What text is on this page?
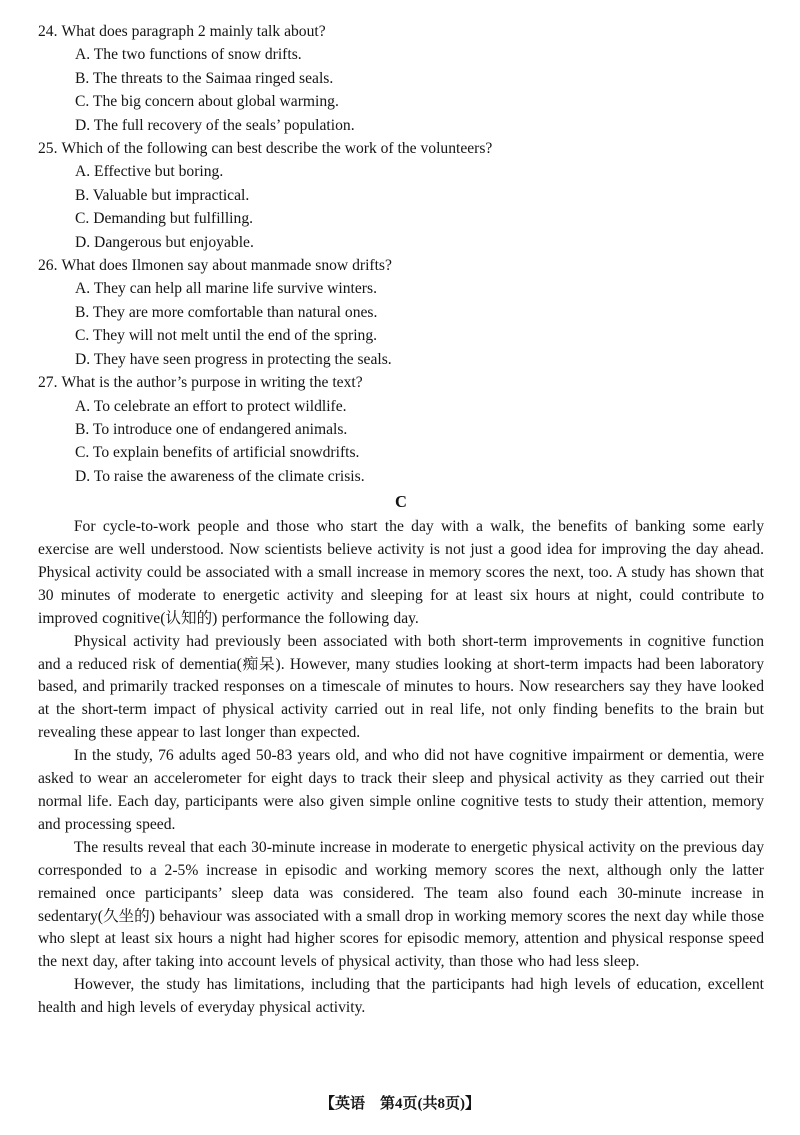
24. What does paragraph 2 mainly talk about?
A. The two functions of snow drifts.
B. The threats to the Saimaa ringed seals.
C. The big concern about global warming.
D. The full recovery of the seals’ population.
25. Which of the following can best describe the work of the volunteers?
A. Effective but boring.
B. Valuable but impractical.
C. Demanding but fulfilling.
D. Dangerous but enjoyable.
26. What does Ilmonen say about manmade snow drifts?
A. They can help all marine life survive winters.
B. They are more comfortable than natural ones.
C. They will not melt until the end of the spring.
D. They have seen progress in protecting the seals.
27. What is the author’s purpose in writing the text?
A. To celebrate an effort to protect wildlife.
B. To introduce one of endangered animals.
C. To explain benefits of artificial snowdrifts.
D. To raise the awareness of the climate crisis.
C

For cycle-to-work people and those who start the day with a walk, the benefits of banking some early exercise are well understood. Now scientists believe activity is not just a good idea for improving the day ahead. Physical activity could be associated with a small increase in memory scores the next, too. A study has shown that 30 minutes of moderate to energetic activity and sleeping for at least six hours at night, could contribute to improved cognitive(认知的) performance the following day.

Physical activity had previously been associated with both short-term improvements in cognitive function and a reduced risk of dementia(痴呆). However, many studies looking at short-term impacts had been laboratory based, and primarily tracked responses on a timescale of minutes to hours. Now researchers say they have looked at the short-term impact of physical activity carried out in real life, not only finding benefits to the brain but revealing these appear to last longer than expected.

In the study, 76 adults aged 50-83 years old, and who did not have cognitive impairment or dementia, were asked to wear an accelerometer for eight days to track their sleep and physical activity as they carried out their normal life. Each day, participants were also given simple online cognitive tests to study their attention, memory and processing speed.

The results reveal that each 30-minute increase in moderate to energetic physical activity on the previous day corresponded to a 2-5% increase in episodic and working memory scores the next, although only the latter remained once participants’ sleep data was considered. The team also found each 30-minute increase in sedentary(久坐的) behaviour was associated with a small drop in working memory scores the next day while those who slept at least six hours a night had higher scores for episodic memory, attention and physical response speed the next day, after taking into account levels of physical activity, than those who had less sleep.

However, the study has limitations, including that the participants had high levels of education, excellent health and high levels of everyday physical activity.

【英语　第4页(共8页)】
